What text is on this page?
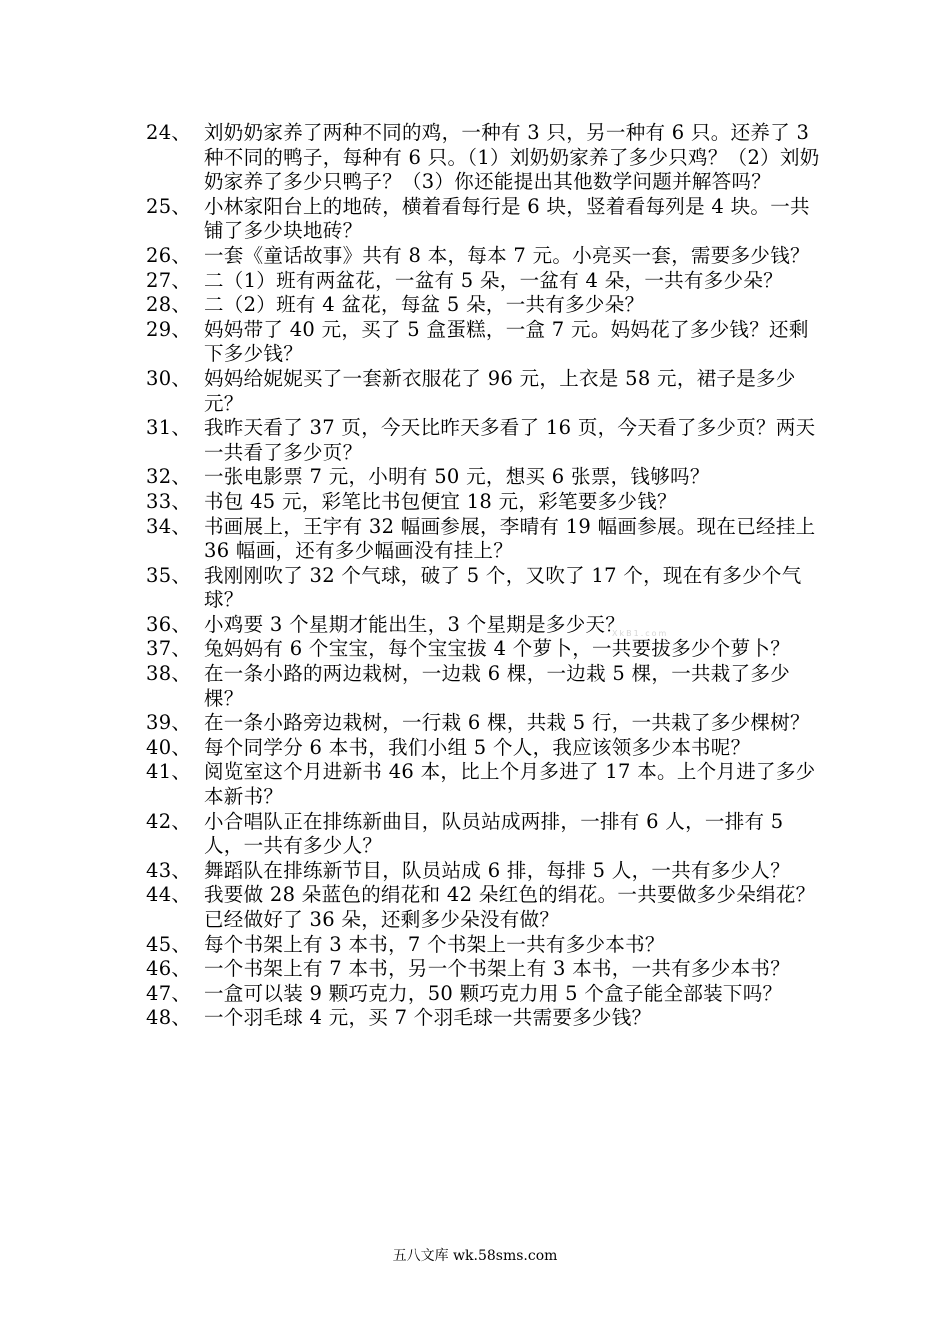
24、 刘奶奶家养了两种不同的鸡，一种有 3 只，另一种有 6 只。还养了 3 种不同的鸭子，每种有 6 只。（1）刘奶奶家养了多少只鸡？（2）刘奶奶家养了多少只鸭子？（3）你还能提出其他数学问题并解答吗？
25、 小林家阳台上的地砖，横着看每行是 6 块，竖着看每列是 4 块。一共铺了多少块地砖？
26、 一套《童话故事》共有 8 本，每本 7 元。小亮买一套，需要多少钱？
27、 二（1）班有两盆花，一盆有 5 朵，一盆有 4 朵，一共有多少朵？
28、 二（2）班有 4 盆花，每盆 5 朵，一共有多少朵？
29、 妈妈带了 40 元，买了 5 盒蛋糕，一盒 7 元。妈妈花了多少钱？还剩下多少钱？
30、 妈妈给妮妮买了一套新衣服花了 96 元，上衣是 58 元，裙子是多少元？
31、 我昨天看了 37 页，今天比昨天多看了 16 页，今天看了多少页？两天一共看了多少页？
32、 一张电影票 7 元，小明有 50 元，想买 6 张票，钱够吗？
33、 书包 45 元，彩笔比书包便宜 18 元，彩笔要多少钱？
34、 书画展上，王宇有 32 幅画参展，李晴有 19 幅画参展。现在已经挂上 36 幅画，还有多少幅画没有挂上？
35、 我刚刚吹了 32 个气球，破了 5 个，又吹了 17 个，现在有多少个气球？
36、 小鸡要 3 个星期才能出生，3 个星期是多少天？
37、 兔妈妈有 6 个宝宝，每个宝宝拔 4 个萝卜，一共要拔多少个萝卜？
38、 在一条小路的两边栽树，一边栽 6 棵，一边栽 5 棵，一共栽了多少棵？
39、 在一条小路旁边栽树，一行栽 6 棵，共栽 5 行，一共栽了多少棵树？
40、 每个同学分 6 本书，我们小组 5 个人，我应该领多少本书呢？
41、 阅览室这个月进新书 46 本，比上个月多进了 17 本。上个月进了多少本新书？
42、 小合唱队正在排练新曲目，队员站成两排，一排有 6 人，一排有 5 人，一共有多少人？
43、 舞蹈队在排练新节目，队员站成 6 排，每排 5 人，一共有多少人？
44、 我要做 28 朵蓝色的绢花和 42 朵红色的绢花。一共要做多少朵绢花？已经做好了 36 朵，还剩多少朵没有做？
45、 每个书架上有 3 本书，7 个书架上一共有多少本书？
46、 一个书架上有 7 本书，另一个书架上有 3 本书，一共有多少本书？
47、 一盒可以装 9 颗巧克力，50 颗巧克力用 5 个盒子能全部装下吗？
48、 一个羽毛球 4 元，买 7 个羽毛球一共需要多少钱？
XkB1.com
五八文库 wk.58sms.com
